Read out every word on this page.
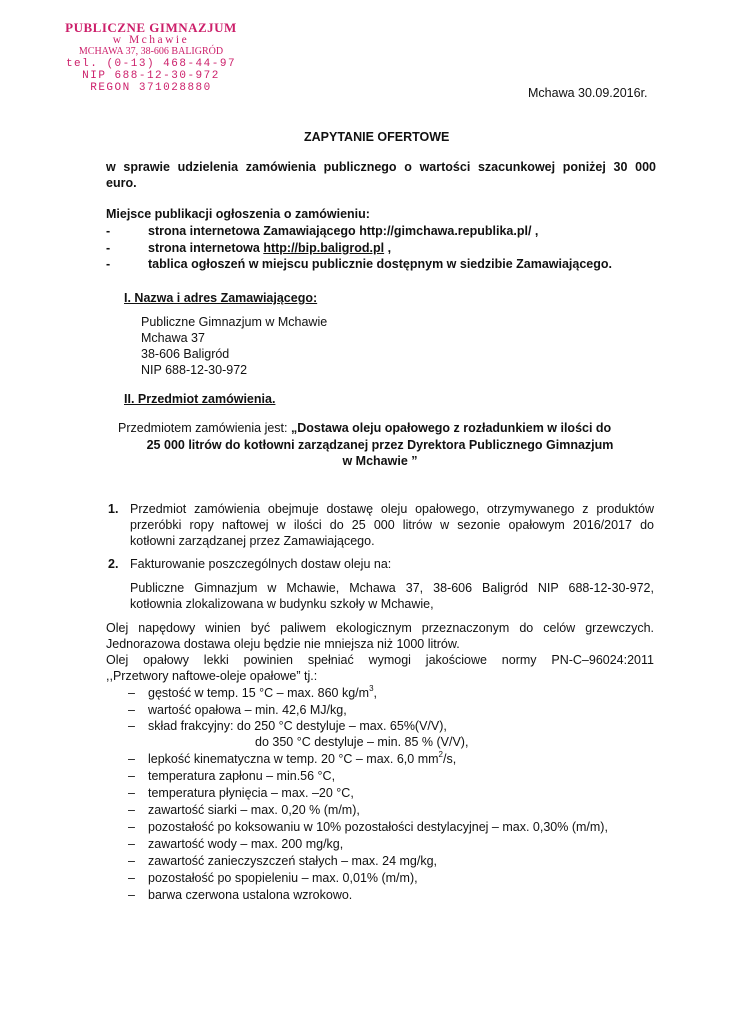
PUBLICZNE GIMNAZJUM
w Mchawie
MCHAWA 37, 38-606 BALIGRÓD
tel. (0-13) 468-44-97
NIP 688-12-30-972
REGON 371028880	Mchawa 30.09.2016r.
ZAPYTANIE OFERTOWE
w sprawie udzielenia zamówienia publicznego o wartości szacunkowej poniżej 30 000
euro.
Miejsce publikacji ogłoszenia o zamówieniu:
-	strona internetowa Zamawiającego http://gimchawa.republika.pl/ ,
-	strona internetowa http://bip.baligrod.pl ,
-	tablica ogłoszeń w miejscu publicznie dostępnym w siedzibie Zamawiającego.
I. Nazwa i adres Zamawiającego:
Publiczne Gimnazjum w Mchawie
Mchawa 37
38-606 Baligród
NIP 688-12-30-972
II. Przedmiot zamówienia.
Przedmiotem zamówienia jest: „Dostawa oleju opałowego z rozładunkiem w ilości do
25 000 litrów do kotłowni zarządzanej przez Dyrektora Publicznego Gimnazjum
w Mchawie ”
1. Przedmiot zamówienia obejmuje dostawę oleju opałowego, otrzymywanego z produktów
przeróbki ropy naftowej w ilości do 25 000 litrów w sezonie opałowym 2016/2017 do
kotłowni zarządzanej przez Zamawiającego.
2. Fakturowanie poszczególnych dostaw oleju na:
Publiczne Gimnazjum w Mchawie, Mchawa 37, 38-606 Baligród NIP 688-12-30-972,
kotłownia zlokalizowana w budynku szkoły w Mchawie,
Olej napędowy winien być paliwem ekologicznym przeznaczonym do celów grzewczych.
Jednorazowa dostawa oleju będzie nie mniejsza niż 1000 litrów.
Olej opałowy lekki powinien spełniać wymogi jakościowe normy PN-C–96024:2011
,,Przetwory naftowe-oleje opałowe” tj.:
– gęstość w temp. 15 °C – max. 860 $kg/m^3$,
– wartość opałowa – min. 42,6 MJ/kg,
– skład frakcyjny: do 250 °C destyluje – max. 65%(V/V),
do 350 °C destyluje – min. 85 % (V/V),
– lepkość kinematyczna w temp. 20 °C – max. 6,0 $mm^2/s$,
– temperatura zapłonu – min.56 °C,
– temperatura płynięcia – max. –20 °C,
– zawartość siarki – max. 0,20 % (m/m),
– pozostałość po koksowaniu w 10% pozostałości destylacyjnej – max. 0,30% (m/m),
– zawartość wody – max. 200 mg/kg,
– zawartość zanieczyszczeń stałych – max. 24 mg/kg,
– pozostałość po spopieleniu – max. 0,01% (m/m),
– barwa czerwona ustalona wzrokowo.
